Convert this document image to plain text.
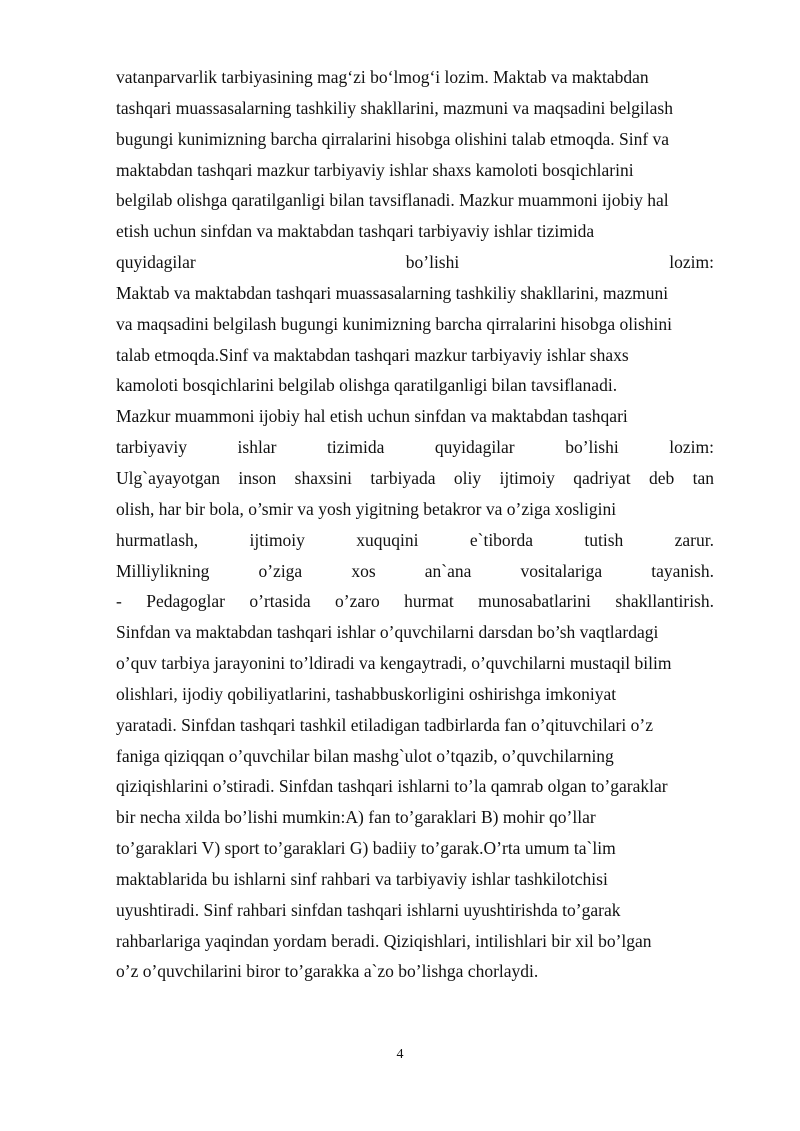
vatanparvarlik tarbiyasining mag‘zi bo‘lmog‘i lozim. Maktab va maktabdan
tashqari muassasalarning tashkiliy shakllarini, mazmuni va maqsadini belgilash
bugungi kunimizning barcha qirralarini hisobga olishini talab etmoqda. Sinf va
maktabdan tashqari mazkur tarbiyaviy ishlar shaxs kamoloti bosqichlarini
belgilab olishga qaratilganligi bilan tavsiflanadi. Mazkur muammoni ijobiy hal
etish uchun sinfdan va maktabdan tashqari tarbiyaviy ishlar tizimida
quyidagilar bo’lishi lozim:
Maktab va maktabdan tashqari muassasalarning tashkiliy shakllarini, mazmuni
va maqsadini belgilash bugungi kunimizning barcha qirralarini hisobga olishini
talab etmoqda.Sinf va maktabdan tashqari mazkur tarbiyaviy ishlar shaxs
kamoloti bosqichlarini belgilab olishga qaratilganligi bilan tavsiflanadi.
Mazkur muammoni ijobiy hal etish uchun sinfdan va maktabdan tashqari
tarbiyaviy ishlar tizimida quyidagilar bo’lishi lozim:
Ulg`ayayotgan inson shaxsini tarbiyada oliy ijtimoiy qadriyat deb tan
olish, har bir bola, o’smir va yosh yigitning betakror va o’ziga xosligini
hurmatlash, ijtimoiy xuquqini e`tiborda tutish zarur.
Milliylikning o’ziga xos an`ana vositalariga tayanish.
- Pedagoglar o’rtasida o’zaro hurmat munosabatlarini shakllantirish.
Sinfdan va maktabdan tashqari ishlar o’quvchilarni darsdan bo’sh vaqtlardagi
o’quv tarbiya jarayonini to’ldiradi va kengaytradi, o’quvchilarni mustaqil bilim
olishlari, ijodiy qobiliyatlarini, tashabbuskorligini oshirishga imkoniyat
yaratadi. Sinfdan tashqari tashkil etiladigan tadbirlarda fan o’qituvchilari o’z
faniga qiziqqan o’quvchilar bilan mashg`ulot o’tqazib, o’quvchilarning
qiziqishlarini o’stiradi. Sinfdan tashqari ishlarni to’la qamrab olgan to’garaklar
bir necha xilda bo’lishi mumkin:A) fan to’garaklari B) mohir qo’llar
to’garaklari V) sport to’garaklari G) badiiy to’garak.O’rta umum ta`lim
maktablarida bu ishlarni sinf rahbari va tarbiyaviy ishlar tashkilotchisi
uyushtiradi. Sinf rahbari sinfdan tashqari ishlarni uyushtirishda to’garak
rahbarlariga yaqindan yordam beradi. Qiziqishlari, intilishlari bir xil bo’lgan
o’z o’quvchilarini biror to’garakka a`zo bo’lishga chorlaydi.
4
